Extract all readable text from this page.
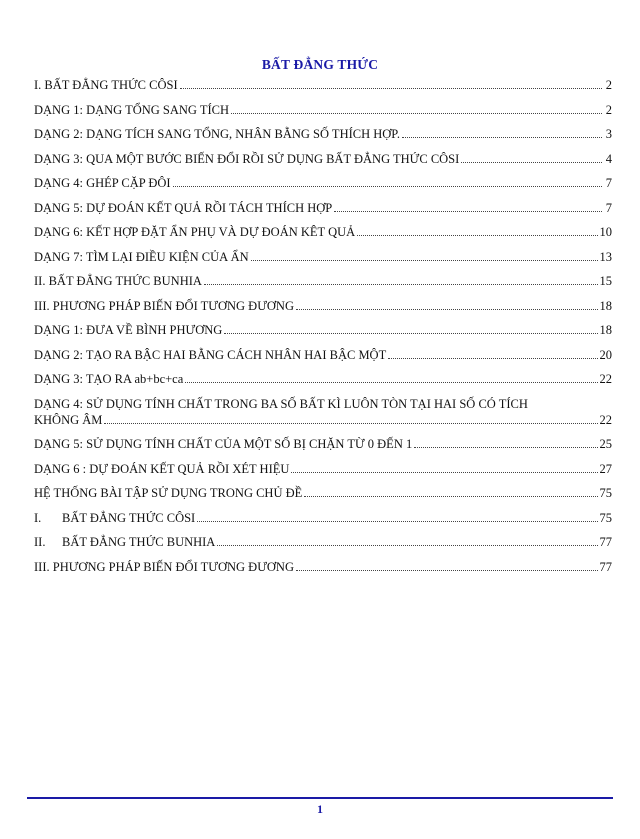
BẤT ĐẲNG THỨC
I. BẤT ĐẲNG THỨC CÔSI	2
DẠNG 1: DẠNG TỔNG SANG TÍCH	2
DẠNG 2: DẠNG TÍCH SANG TỔNG, NHÂN BẰNG SỐ THÍCH HỢP.	3
DẠNG 3: QUA MỘT BƯỚC BIẾN ĐỔI RỒI SỬ DỤNG BẤT ĐẲNG THỨC CÔSI	4
DẠNG 4: GHÉP CẶP ĐÔI	7
DẠNG 5: DỰ ĐOÁN KẾT QUẢ RỒI TÁCH THÍCH HỢP	7
DẠNG 6: KẾT HỢP ĐẶT ẨN PHỤ VÀ DỰ ĐOÁN KÊT QUẢ	10
DẠNG 7: TÌM LẠI ĐIỀU KIỆN CỦA ẨN	13
II. BẤT ĐẲNG THỨC BUNHIA	15
III. PHƯƠNG PHÁP BIẾN ĐỔI TƯƠNG ĐƯƠNG	18
DẠNG 1: ĐƯA VỀ BÌNH PHƯƠNG	18
DẠNG 2: TẠO RA BẬC HAI BẰNG CÁCH NHÂN HAI BẬC MỘT	20
DẠNG 3: TẠO RA ab+bc+ca	22
DẠNG 4: SỬ DỤNG TÍNH CHẤT TRONG BA SỐ BẤT KÌ LUÔN TÒN TẠI HAI SỐ CÓ TÍCH
KHÔNG ÂM	22
DẠNG 5: SỬ DỤNG TÍNH CHẤT CỦA MỘT SỐ BỊ CHẶN TỪ 0 ĐẾN 1	25
DẠNG 6 : DỰ ĐOÁN KẾT QUẢ RỒI XÉT HIỆU	27
HỆ THỐNG BÀI TẬP SỬ DỤNG TRONG CHỦ ĐỀ	75
I.	BẤT ĐẲNG THỨC CÔSI	75
II.	BẤT ĐẲNG THỨC BUNHIA	77
III. PHƯƠNG PHÁP BIẾN ĐỔI TƯƠNG ĐƯƠNG	77
1
